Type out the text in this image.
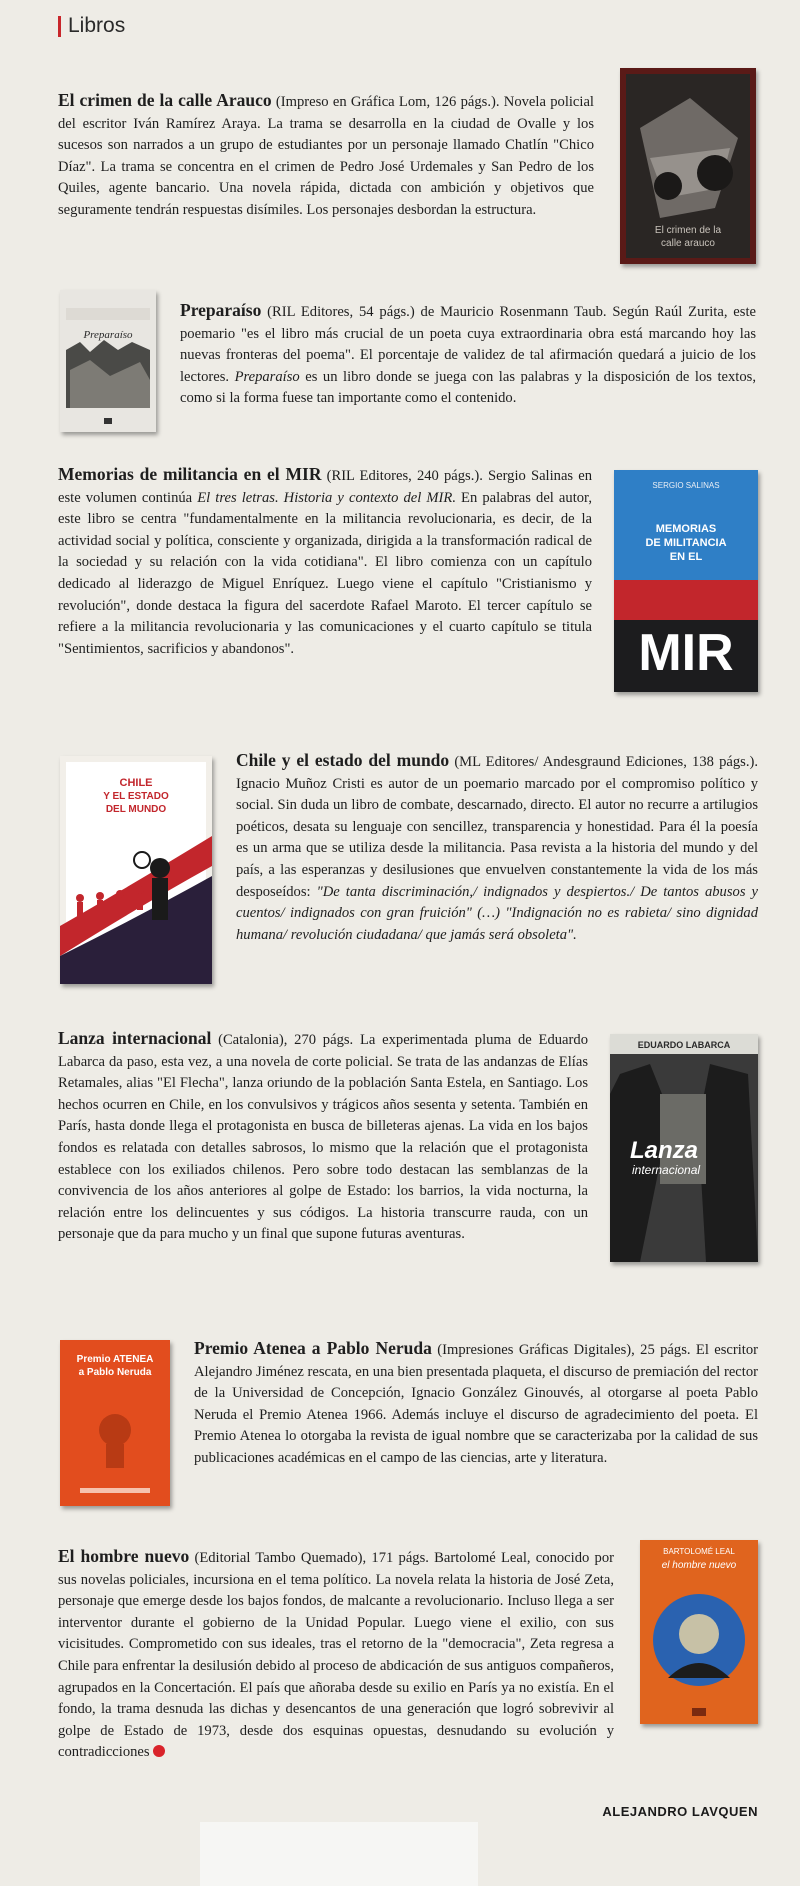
Libros
El crimen de la calle Arauco (Impreso en Gráfica Lom, 126 págs.). Novela policial del escritor Iván Ramírez Araya. La trama se desarrolla en la ciudad de Ovalle y los sucesos son narrados a un grupo de estudiantes por un personaje llamado Chatlín "Chico Díaz". La trama se concentra en el crimen de Pedro José Urdemales y San Pedro de los Quiles, agente bancario. Una novela rápida, dictada con ambición y objetivos que seguramente tendrán respuestas disímiles. Los personajes desbordan la estructura.
El crimen de la
calle arauco
Preparaíso
Preparaíso (RIL Editores, 54 págs.) de Mauricio Rosenmann Taub. Según Raúl Zurita, este poemario "es el libro más crucial de un poeta cuya extraordinaria obra está marcando hoy las nuevas fronteras del poema". El porcentaje de validez de tal afirmación quedará a juicio de los lectores. Preparaíso es un libro donde se juega con las palabras y la disposición de los textos, como si la forma fuese tan importante como el contenido.
Memorias de militancia en el MIR (RIL Editores, 240 págs.). Sergio Salinas en este volumen continúa El tres letras. Historia y contexto del MIR. En palabras del autor, este libro se centra "fundamentalmente en la militancia revolucionaria, es decir, de la actividad social y política, consciente y organizada, dirigida a la transformación radical de la sociedad y su relación con la vida cotidiana". El libro comienza con un capítulo dedicado al liderazgo de Miguel Enríquez. Luego viene el capítulo "Cristianismo y revolución", donde destaca la figura del sacerdote Rafael Maroto. El tercer capítulo se refiere a la militancia revolucionaria y las comunicaciones y el cuarto capítulo se titula "Sentimientos, sacrificios y abandonos".
SERGIO SALINAS
MEMORIAS
DE MILITANCIA
EN EL
MIR
CHILE
Y EL ESTADO
DEL MUNDO
Chile y el estado del mundo (ML Editores/ Andesgraund Ediciones, 138 págs.). Ignacio Muñoz Cristi es autor de un poemario marcado por el compromiso político y social. Sin duda un libro de combate, descarnado, directo. El autor no recurre a artilugios poéticos, desata su lenguaje con sencillez, transparencia y honestidad. Para él la poesía es un arma que se utiliza desde la militancia. Pasa revista a la historia del mundo y del país, a las esperanzas y desilusiones que envuelven constantemente la vida de los más desposeídos: "De tanta discriminación,/ indignados y despiertos./ De tantos abusos y cuentos/ indignados con gran fruición" (…) "Indignación no es rabieta/ sino dignidad humana/ revolución ciudadana/ que jamás será obsoleta".
Lanza internacional (Catalonia), 270 págs. La experimentada pluma de Eduardo Labarca da paso, esta vez, a una novela de corte policial. Se trata de las andanzas de Elías Retamales, alias "El Flecha", lanza oriundo de la población Santa Estela, en Santiago. Los hechos ocurren en Chile, en los convulsivos y trágicos años sesenta y setenta. También en París, hasta donde llega el protagonista en busca de billeteras ajenas. La vida en los bajos fondos es relatada con detalles sabrosos, lo mismo que la relación que el protagonista establece con los exiliados chilenos. Pero sobre todo destacan las semblanzas de la convivencia de los años anteriores al golpe de Estado: los barrios, la vida nocturna, la relación entre los delincuentes y sus códigos. La historia transcurre rauda, con un personaje que da para mucho y un final que supone futuras aventuras.
EDUARDO LABARCA
Lanza
internacional
Premio ATENEA
a Pablo Neruda
Premio Atenea a Pablo Neruda (Impresiones Gráficas Digitales), 25 págs. El escritor Alejandro Jiménez rescata, en una bien presentada plaqueta, el discurso de premiación del rector de la Universidad de Concepción, Ignacio González Ginouvés, al otorgarse al poeta Pablo Neruda el Premio Atenea 1966. Además incluye el discurso de agradecimiento del poeta. El Premio Atenea lo otorgaba la revista de igual nombre que se caracterizaba por la calidad de sus publicaciones académicas en el campo de las ciencias, arte y literatura.
El hombre nuevo (Editorial Tambo Quemado), 171 págs. Bartolomé Leal, conocido por sus novelas policiales, incursiona en el tema político. La novela relata la historia de José Zeta, personaje que emerge desde los bajos fondos, de malcante a revolucionario. Incluso llega a ser interventor durante el gobierno de la Unidad Popular. Luego viene el exilio, con sus vicisitudes. Comprometido con sus ideales, tras el retorno de la "democracia", Zeta regresa a Chile para enfrentar la desilusión debido al proceso de abdicación de sus antiguos compañeros, agrupados en la Concertación. El país que añoraba desde su exilio en París ya no existía. En el fondo, la trama desnuda las dichas y desencantos de una generación que logró sobrevivir al golpe de Estado de 1973, desde dos esquinas opuestas, desnudando su evolución y contradicciones
BARTOLOMÉ LEAL
el hombre nuevo
ALEJANDRO LAVQUEN
